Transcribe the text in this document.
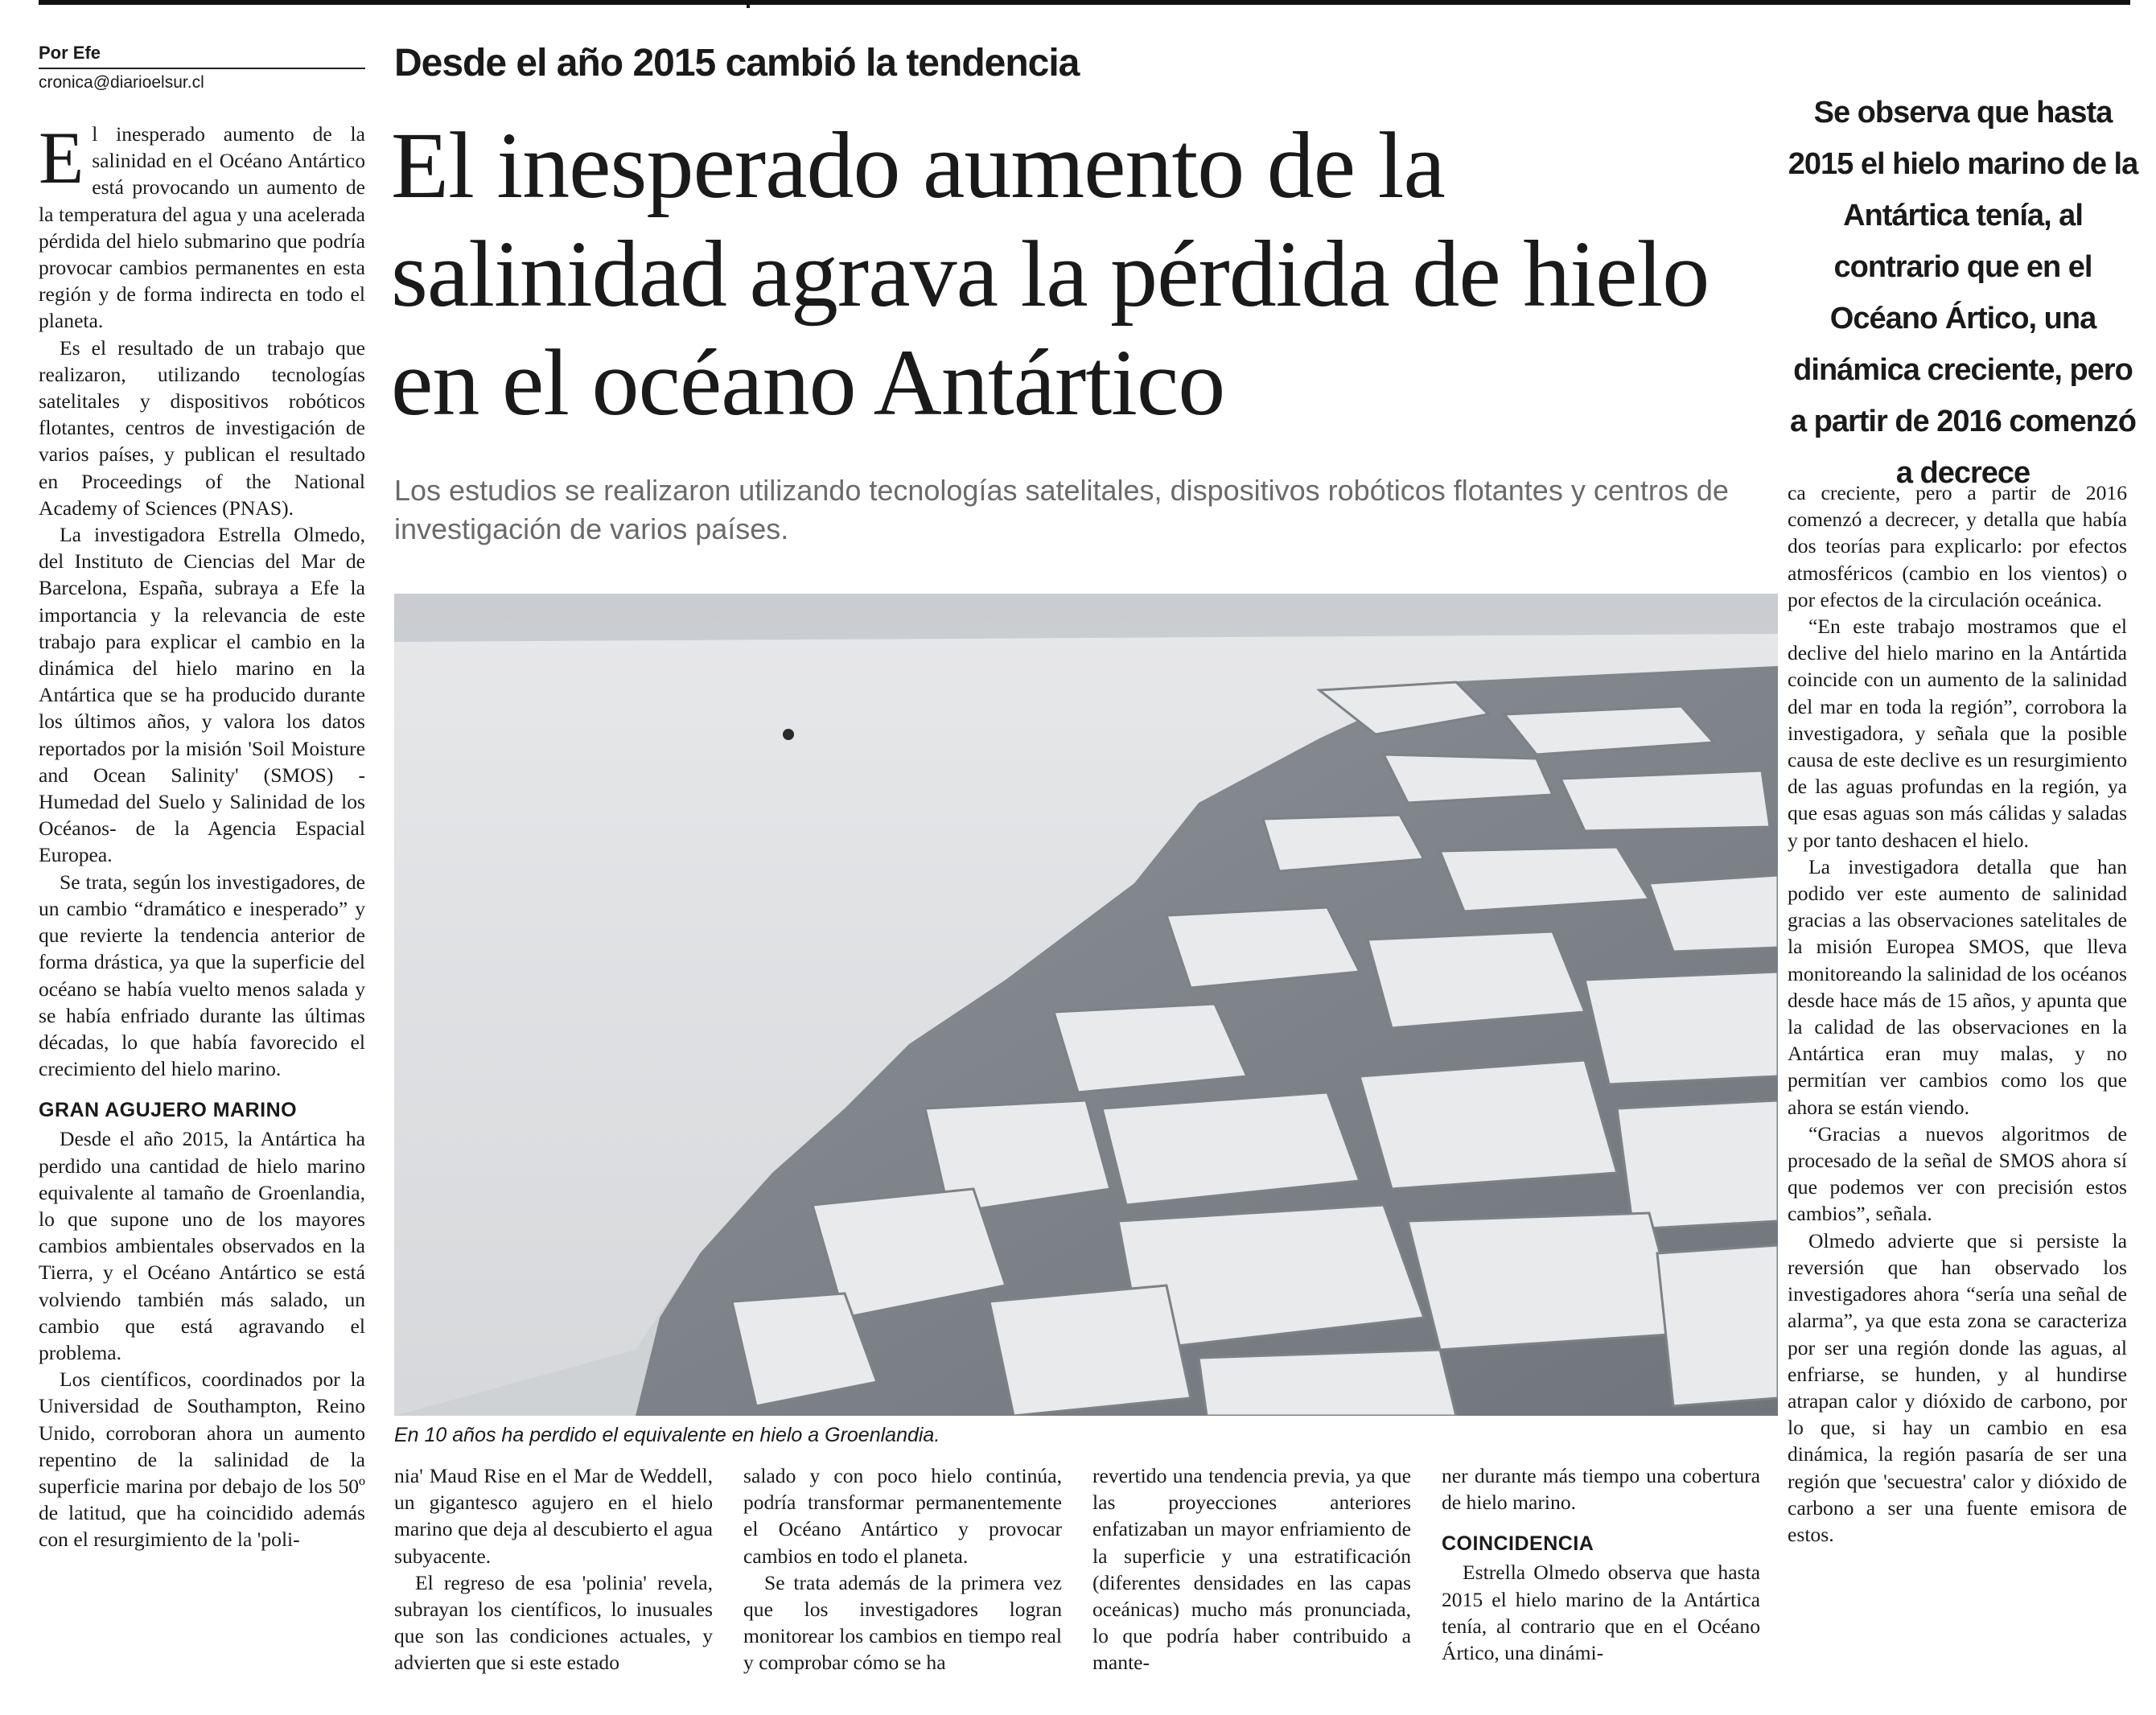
Por Efe
cronica@diarioelsur.cl	Desde el año 2015 cambió la tendencia
El inesperado aumento de la salinidad agrava la pérdida de hielo en el océano Antártico
Los estudios se realizaron utilizando tecnologías satelitales, dispositivos robóticos flotantes y centros de investigación de varios países.
Se observa que hasta 2015 el hielo marino de la Antártica tenía, al contrario que en el Océano Ártico, una dinámica creciente, pero a partir de 2016 comenzó a decrece

El inesperado aumento de la salinidad en el Océano Antártico está provocando un aumento de la temperatura del agua y una acelerada pérdida del hielo submarino que podría provocar cambios permanentes en esta región y de forma indirecta en todo el planeta.

Es el resultado de un trabajo que realizaron, utilizando tecnologías satelitales y dispositivos robóticos flotantes, centros de investigación de varios países, y publican el resultado en Proceedings of the National Academy of Sciences (PNAS).

La investigadora Estrella Olmedo, del Instituto de Ciencias del Mar de Barcelona, España, subraya a Efe la importancia y la relevancia de este trabajo para explicar el cambio en la dinámica del hielo marino en la Antártica que se ha producido durante los últimos años, y valora los datos reportados por la misión 'Soil Moisture and Ocean Salinity' (SMOS) -Humedad del Suelo y Salinidad de los Océanos- de la Agencia Espacial Europea.

Se trata, según los investigadores, de un cambio “dramático e inesperado” y que revierte la tendencia anterior de forma drástica, ya que la superficie del océano se había vuelto menos salada y se había enfriado durante las últimas décadas, lo que había favorecido el crecimiento del hielo marino.

GRAN AGUJERO MARINO

Desde el año 2015, la Antártica ha perdido una cantidad de hielo marino equivalente al tamaño de Groenlandia, lo que supone uno de los mayores cambios ambientales observados en la Tierra, y el Océano Antártico se está volviendo también más salado, un cambio que está agravando el problema.

Los científicos, coordinados por la Universidad de Southampton, Reino Unido, corroboran ahora un aumento repentino de la salinidad de la superficie marina por debajo de los 50º de latitud, que ha coincidido además con el resurgimiento de la 'poli-

En 10 años ha perdido el equivalente en hielo a Groenlandia.

nia' Maud Rise en el Mar de Weddell, un gigantesco agujero en el hielo marino que deja al descubierto el agua subyacente.

El regreso de esa 'polinia' revela, subrayan los científicos, lo inusuales que son las condiciones actuales, y advierten que si este estado

salado y con poco hielo continúa, podría transformar permanentemente el Océano Antártico y provocar cambios en todo el planeta.

Se trata además de la primera vez que los investigadores logran monitorear los cambios en tiempo real y comprobar cómo se ha

revertido una tendencia previa, ya que las proyecciones anteriores enfatizaban un mayor enfriamiento de la superficie y una estratificación (diferentes densidades en las capas oceánicas) mucho más pronunciada, lo que podría haber contribuido a mante-

ner durante más tiempo una cobertura de hielo marino.

COINCIDENCIA

Estrella Olmedo observa que hasta 2015 el hielo marino de la Antártica tenía, al contrario que en el Océano Ártico, una dinámi-

ca creciente, pero a partir de 2016 comenzó a decrecer, y detalla que había dos teorías para explicarlo: por efectos atmosféricos (cambio en los vientos) o por efectos de la circulación oceánica.

“En este trabajo mostramos que el declive del hielo marino en la Antártida coincide con un aumento de la salinidad del mar en toda la región”, corrobora la investigadora, y señala que la posible causa de este declive es un resurgimiento de las aguas profundas en la región, ya que esas aguas son más cálidas y saladas y por tanto deshacen el hielo.

La investigadora detalla que han podido ver este aumento de salinidad gracias a las observaciones satelitales de la misión Europea SMOS, que lleva monitoreando la salinidad de los océanos desde hace más de 15 años, y apunta que la calidad de las observaciones en la Antártica eran muy malas, y no permitían ver cambios como los que ahora se están viendo.

“Gracias a nuevos algoritmos de procesado de la señal de SMOS ahora sí que podemos ver con precisión estos cambios”, señala.

Olmedo advierte que si persiste la reversión que han observado los investigadores ahora “sería una señal de alarma”, ya que esta zona se caracteriza por ser una región donde las aguas, al enfriarse, se hunden, y al hundirse atrapan calor y dióxido de carbono, por lo que, si hay un cambio en esa dinámica, la región pasaría de ser una región que 'secuestra' calor y dióxido de carbono a ser una fuente emisora de estos.
